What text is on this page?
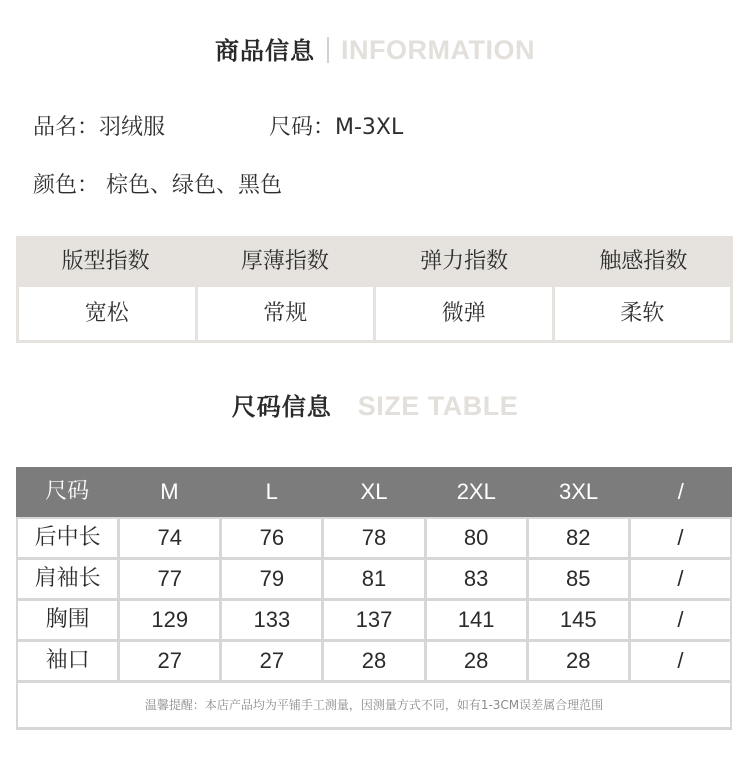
商品信息 INFORMATION
品名：羽绒服	尺码：M-3XL
颜色： 棕色、绿色、黑色
版型指数	厚薄指数	弹力指数	触感指数
宽松	常规	微弹	柔软
尺码信息 SIZE TABLE
尺码	M	L	XL	2XL	3XL	/
后中长	74	76	78	80	82	/
肩袖长	77	79	81	83	85	/
胸围	129	133	137	141	145	/
袖口	27	27	28	28	28	/
温馨提醒：本店产品均为平铺手工测量，因测量方式不同，如有1-3CM误差属合理范围
